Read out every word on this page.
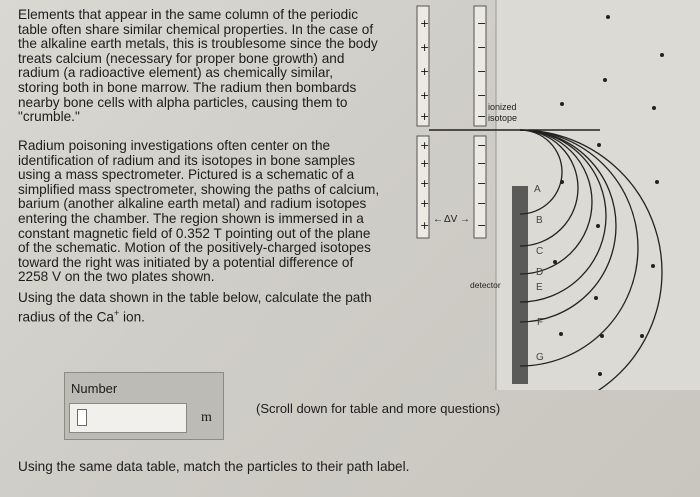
Elements that appear in the same column of the periodic
table often share similar chemical properties. In the case of
the alkaline earth metals, this is troublesome since the body
treats calcium (necessary for proper bone growth) and
radium (a radioactive element) as chemically similar,
storing both in bone marrow. The radium then bombards
nearby bone cells with alpha particles, causing them to
"crumble."
Radium poisoning investigations often center on the
identification of radium and its isotopes in bone samples
using a mass spectrometer. Pictured is a schematic of a
simplified mass spectrometer, showing the paths of calcium,
barium (another alkaline earth metal) and radium isotopes
entering the chamber. The region shown is immersed in a
constant magnetic field of 0.352 T pointing out of the plane
of the schematic. Motion of the positively-charged isotopes
toward the right was initiated by a potential difference of
2258 V on the two plates shown.
Using the data shown in the table below, calculate the path
radius of the Ca+ ion.
Number
m
(Scroll down for table and more questions)
Using the same data table, match the particles to their path label.
+	−
+	−
+	−
+	−
+	−
+	−
+	−
+	−
+	−
+	−
ionized
isotope
← ΔV →
detector
A
B
C
D
E
F
G
